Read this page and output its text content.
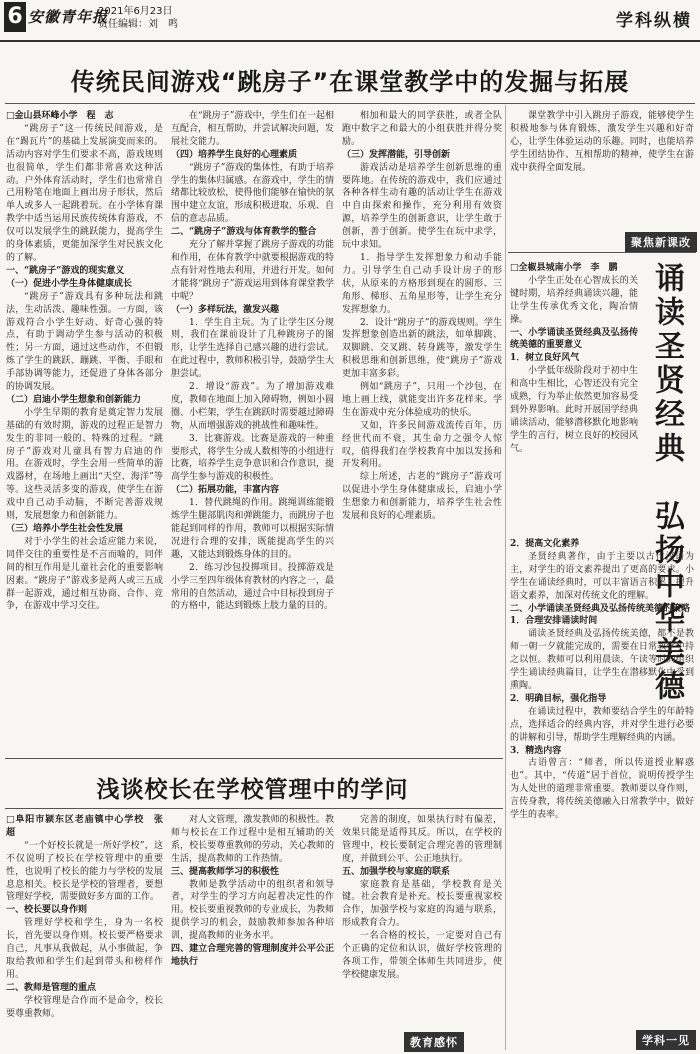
6 安徽青年报
2021年6月23日
责任编辑：刘　鸣	学科纵横
传统民间游戏“跳房子”在课堂教学中的发掘与拓展

□金山县环峰小学　程　志

“跳房子”这一传统民间游戏，是在“踢瓦片”的基础上发展演变而来的。活动内容对学生们要求不高，游戏规则也很简单，学生们都非常喜欢这种活动。户外体育活动时，学生们也常常自己用粉笔在地面上画出房子形状，然后单人或多人一起跳着玩。在小学体育课教学中适当运用民族传统体育游戏，不仅可以发展学生的跳跃能力，提高学生的身体素质，更能加深学生对民族文化的了解。

一、“跳房子”游戏的现实意义

（一）促进小学生身体健康成长

“跳房子”游戏具有多种玩法和跳法，生动活泼、趣味性强。一方面，该游戏符合小学生好动、好奇心强的特点，有助于调动学生参与活动的积极性；另一方面，通过这些动作，不但锻炼了学生的跳跃、蹦跳、平衡、手眼和手部协调等能力，还促进了身体各部分的协调发展。

（二）启迪小学生想象和创新能力

小学生早期的教育是奠定智力发展基础的有效时期，游戏的过程正是智力发生的非同一般的、特殊的过程。“跳房子”游戏对儿童具有智力启迪的作用。在游戏时，学生会用一些简单的游戏器材，在场地上画出“天空、海洋”等等。这些灵活多变的游戏，使学生在游戏中自己动手动脑，不断完善游戏规则，发展想象力和创新能力。

（三）培养小学生社会性发展

对于小学生的社会适应能力来说，同伴交往的重要性是不言而喻的，同伴间的相互作用是儿童社会化的重要影响因素。“跳房子”游戏多是两人或三五成群一起游戏，通过相互协商、合作、竞争，在游戏中学习交往。

在“跳房子”游戏中，学生们在一起相互配合，相互帮助，并尝试解决问题，发展社交能力。

（四）培养学生良好的心理素质

“跳房子”游戏的集体性，有助于培养学生的集体归属感。在游戏中，学生的情绪都比较放松，使得他们能够在愉快的氛围中建立友谊，形成积极进取、乐观、自信的意志品质。

二、“跳房子”游戏与体育教学的整合

充分了解并掌握了跳房子游戏的功能和作用，在体育教学中就要根据游戏的特点有针对性地去利用，并进行开发。如何才能将“跳房子”游戏运用到体育课堂教学中呢？

（一）多样玩法，激发兴趣

1．学生自主玩。为了让学生区分规则，我们在课前设计了几种跳房子的图形，让学生选择自己感兴趣的进行尝试。在此过程中，教师积极引导，鼓励学生大胆尝试。

2．增设“游戏”。为了增加游戏难度，教师在地面上加入障碍物，例如小圆圈、小栏架，学生在跳跃时需要越过障碍物，从而增强游戏的挑战性和趣味性。

3．比赛游戏。比赛是游戏的一种重要形式，将学生分成人数相等的小组进行比赛，培养学生竞争意识和合作意识，提高学生参与游戏的积极性。

（二）拓展功能，丰富内容

1．替代跳绳的作用。跳绳训练能锻炼学生腿部肌肉和弹跳能力，而跳房子也能起到同样的作用，教师可以根据实际情况进行合理的安排，既能提高学生的兴趣，又能达到锻炼身体的目的。

2．练习沙包投掷项目。投掷游戏是小学三至四年级体育教材的内容之一，最常用的自然活动，通过合中目标投到房子的方格中，能达到锻炼上肢力量的目的。

相加和最大的同学获胜，或者全队跑中数字之和最大的小组获胜并得分奖励。

（三）发挥潜能，引导创新

游戏活动是培养学生创新思维的重要阵地。在传统的游戏中，我们应通过各种各样生动有趣的活动让学生在游戏中自由探索和操作，充分利用有效资源，培养学生的创新意识，让学生敢于创新，善于创新。使学生在玩中求学，玩中求知。

1．指导学生发挥想象力和动手能力。引导学生自己动手设计房子的形状，从原来的方格形到现在的圆形、三角形、梯形、五角星形等，让学生充分发挥想象力。

2．设计“跳房子”的游戏规则。学生发挥想象创造出新的跳法，如单脚跳、双脚跳、交叉跳、转身跳等，激发学生积极思维和创新思维，使“跳房子”游戏更加丰富多彩。

例如“跳房子”，只用一个沙包，在地上画上线，就能变出许多花样来。学生在游戏中充分体验成功的快乐。

又如，许多民间游戏流传百年，历经世代而不衰，其生命力之强令人惊叹，值得我们在学校教育中加以发扬和开发利用。

综上所述，古老的“跳房子”游戏可以促进小学生身体健康成长，启迪小学生想象力和创新能力，培养学生社会性发展和良好的心理素质。

课堂教学中引入跳房子游戏，能够使学生积极地参与体育锻炼，激发学生兴趣和好奇心，让学生体验运动的乐趣。同时，也能培养学生团结协作、互相帮助的精神，使学生在游戏中获得全面发展。

聚焦新课改

□全椒县城南小学　李　鹏

小学生正处在心智成长的关键时期，培养经典诵读兴趣，能让学生传承优秀文化，陶冶情操。

一、小学诵读圣贤经典及弘扬传统美德的重要意义

1．树立良好风气

小学低年级阶段对于初中生和高中生相比，心智还没有完全成熟，行为举止依然更加容易受到外界影响。此时开展国学经典诵读活动，能够潜移默化地影响学生的言行，树立良好的校园风气。	诵读圣贤经典　弘扬中华美德

2．提高文化素养

圣贤经典著作，由于主要以古代汉语为主，对学生的语文素养提出了更高的要求。小学生在诵读经典时，可以丰富语言积累，提升语文素养，加深对传统文化的理解。

二、小学诵读圣贤经典及弘扬传统美德的策略

1．合理安排诵读时间

诵读圣贤经典及弘扬传统美德，都不是教师一朝一夕就能完成的，需要在日常教学中持之以恒。教师可以利用晨读、午读等时间组织学生诵读经典篇目，让学生在潜移默化中受到熏陶。

2．明确目标，强化指导

在诵读过程中，教师要结合学生的年龄特点，选择适合的经典内容，并对学生进行必要的讲解和引导，帮助学生理解经典的内涵。

3．精选内容

古语曾言：“师者，所以传道授业解惑也”。其中，“传道”居于首位，说明传授学生为人处世的道理非常重要。教师要以身作则，言传身教，将传统美德融入日常教学中，做好学生的表率。

学科一见
浅谈校长在学校管理中的学问

□阜阳市颍东区老庙镇中心学校　张　超

“一个好校长就是一所好学校”，这不仅说明了校长在学校管理中的重要性，也说明了校长的能力与学校的发展息息相关。校长是学校的管理者，要想管理好学校，需要做好多方面的工作。

一、校长要以身作则

管理好学校和学生，身为一名校长，首先要以身作则。校长要严格要求自己，凡事从我做起，从小事做起，争取给教师和学生们起到带头和榜样作用。

二、教师是管理的重点

学校管理是合作而不是命令，校长要尊重教师。

对人文管理，激发教师的积极性。教师与校长在工作过程中是相互辅助的关系，校长要尊重教师的劳动，关心教师的生活，提高教师的工作热情。

三、提高教师学习的积极性

教师是教学活动中的组织者和领导者，对学生的学习方向起着决定性的作用。校长要重视教师的专业成长，为教师提供学习的机会，鼓励教师参加各种培训，提高教师的业务水平。

四、建立合理完善的管理制度并公平公正地执行

完善的制度，如果执行时有偏差，效果只能是适得其反。所以，在学校的管理中，校长要制定合理完善的管理制度，并做到公平、公正地执行。

五、加强学校与家庭的联系

家庭教育是基础，学校教育是关键。社会教育是补充。校长要重视家校合作，加强学校与家庭的沟通与联系，形成教育合力。

一名合格的校长，一定要对自己有个正确的定位和认识，做好学校管理的各项工作，带领全体师生共同进步，使学校健康发展。

教育感怀
